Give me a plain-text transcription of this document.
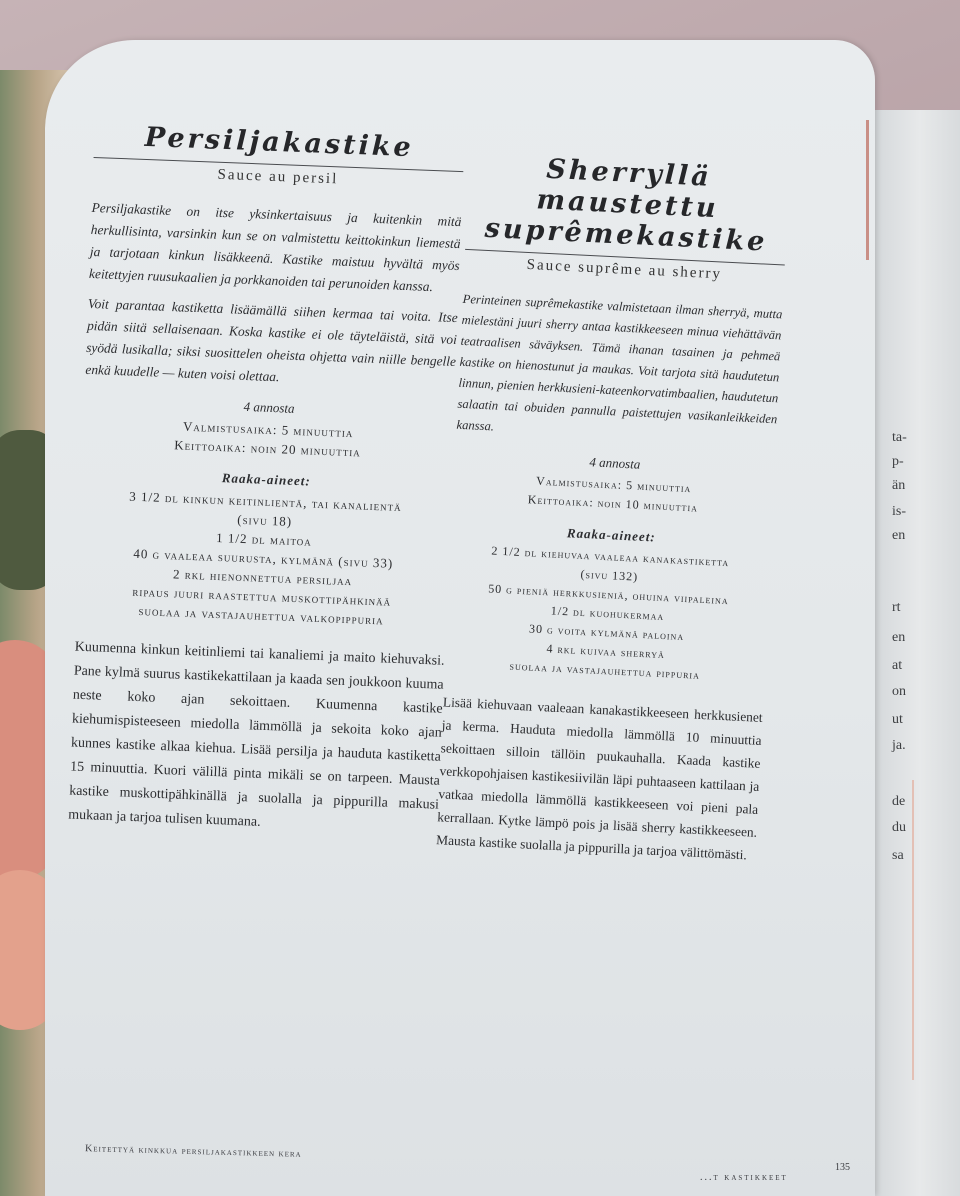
ta-
p-
än
is-
en
rt
en
at
on
ut
ja.
de
du
sa
Persiljakastike

Sauce au persil

Persiljakastike on itse yksinkertaisuus ja kuitenkin mitä herkullisinta, varsinkin kun se on valmistettu keittokinkun liemestä ja tarjotaan kinkun lisäkkeenä. Kastike maistuu hyvältä myös keitettyjen ruusukaalien ja porkkanoiden tai perunoiden kanssa.

Voit parantaa kastiketta lisäämällä siihen kermaa tai voita. Itse pidän siitä sellaisenaan. Koska kastike ei ole täyteläistä, sitä voi syödä lusikalla; siksi suosittelen oheista ohjetta vain niille bengelle enkä kuudelle — kuten voisi olettaa.

4 annosta

Valmistusaika: 5 minuuttia

Keittoaika: noin 20 minuuttia

Raaka-aineet:

3 1/2 dl kinkun keitinlientä, tai kanalientä

(sivu 18)

1 1/2 dl maitoa

40 g vaaleaa suurusta, kylmänä (sivu 33)

2 rkl hienonnettua persiljaa

ripaus juuri raastettua muskottipähkinää

suolaa ja vastajauhettua valkopippuria

Kuumenna kinkun keitinliemi tai kanaliemi ja maito kiehuvaksi. Pane kylmä suurus kastikekattilaan ja kaada sen joukkoon kuuma neste koko ajan sekoittaen. Kuumenna kastike kiehumispisteeseen miedolla lämmöllä ja sekoita koko ajan kunnes kastike alkaa kiehua. Lisää persilja ja hauduta kastiketta 15 minuuttia. Kuori välillä pinta mikäli se on tarpeen. Mausta kastike muskottipähkinällä ja suolalla ja pippurilla makusi mukaan ja tarjoa tulisen kuumana.

Sherryllä maustettu
suprêmekastike

Sauce suprême au sherry

Perinteinen suprêmekastike valmistetaan ilman sherryä, mutta mielestäni juuri sherry antaa kastikkeeseen minua viehättävän teatraalisen säväyksen. Tämä ihanan tasainen ja pehmeä kastike on hienostunut ja maukas. Voit tarjota sitä haudutetun linnun, pienien herkkusieni-kateenkorvatimbaalien, haudutetun salaatin tai obuiden pannulla paistettujen vasikanleikkeiden kanssa.

4 annosta

Valmistusaika: 5 minuuttia

Keittoaika: noin 10 minuuttia

Raaka-aineet:

2 1/2 dl kiehuvaa vaaleaa kanakastiketta

(sivu 132)

50 g pieniä herkkusieniä, ohuina viipaleina

1/2 dl kuohukermaa

30 g voita kylmänä paloina

4 rkl kuivaa sherryä

suolaa ja vastajauhettua pippuria

Lisää kiehuvaan vaaleaan kanakastikkeeseen herkkusienet ja kerma. Hauduta miedolla lämmöllä 10 minuuttia sekoittaen silloin tällöin puukauhalla. Kaada kastike verkkopohjaisen kastikesiivilän läpi puhtaaseen kattilaan ja vatkaa miedolla lämmöllä kastikkeeseen voi pieni pala kerrallaan. Kytke lämpö pois ja lisää sherry kastikkeeseen. Mausta kastike suolalla ja pippurilla ja tarjoa välittömästi.

Keitettyä kinkkua persiljakastikkeen kera
...t kastikkeet
135
